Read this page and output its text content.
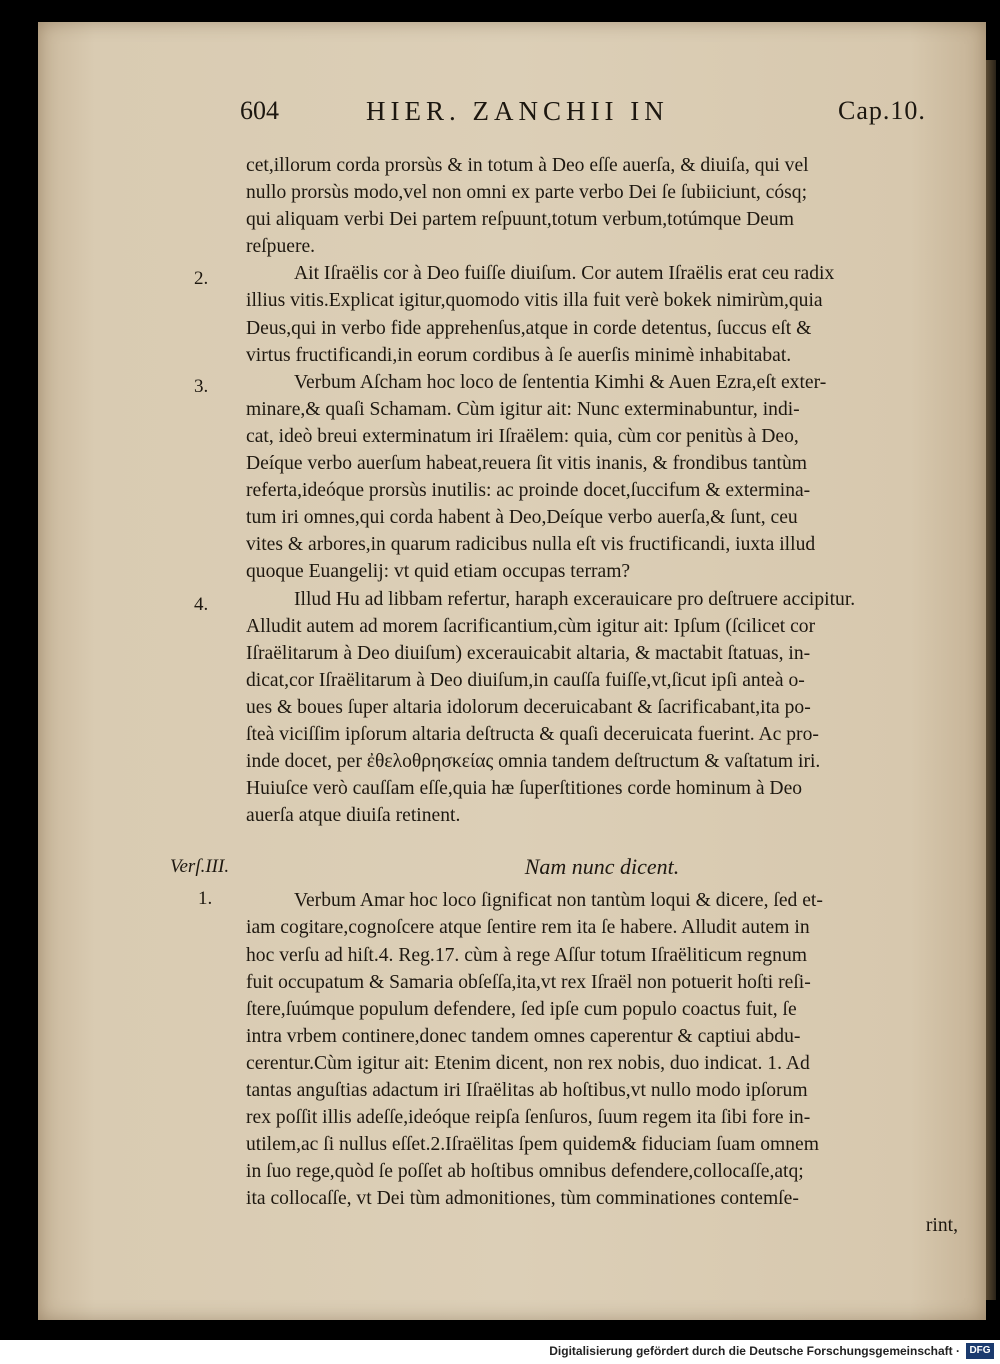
604	HIER. ZANCHII IN	Cap.10.
2.
3.
4.
Verſ.III.
1.
cet,illorum corda prorsùs & in totum à Deo eſſe auerſa, & diuiſa, qui vel
nullo prorsùs modo,vel non omni ex parte verbo Dei ſe ſubiiciunt, cósq;
qui aliquam verbi Dei partem reſpuunt,totum verbum,totúmque Deum
reſpuere.
Ait Iſraëlis cor à Deo fuiſſe diuiſum. Cor autem Iſraëlis erat ceu radix
illius vitis.Explicat igitur,quomodo vitis illa fuit verè bokek nimirùm,quia
Deus,qui in verbo fide apprehenſus,atque in corde detentus, ſuccus eſt &
virtus fructificandi,in eorum cordibus à ſe auerſis minimè inhabitabat.
Verbum Aſcham hoc loco de ſententia Kimhi & Auen Ezra,eſt exter-
minare,& quaſi Schamam. Cùm igitur ait: Nunc exterminabuntur, indi-
cat, ideò breui exterminatum iri Iſraëlem: quia, cùm cor penitùs à Deo,
Deíque verbo auerſum habeat,reuera ſit vitis inanis, & frondibus tantùm
referta,ideóque prorsùs inutilis: ac proinde docet,ſuccifum & extermina-
tum iri omnes,qui corda habent à Deo,Deíque verbo auerſa,& ſunt, ceu
vites & arbores,in quarum radicibus nulla eſt vis fructificandi, iuxta illud
quoque Euangelij: vt quid etiam occupas terram?
Illud Hu ad libbam refertur, haraph excerauicare pro deſtruere accipitur.
Alludit autem ad morem ſacrificantium,cùm igitur ait: Ipſum (ſcilicet cor
Iſraëlitarum à Deo diuiſum) excerauicabit altaria, & mactabit ſtatuas, in-
dicat,cor Iſraëlitarum à Deo diuiſum,in cauſſa fuiſſe,vt,ſicut ipſi anteà o-
ues & boues ſuper altaria idolorum deceruicabant & ſacrificabant,ita po-
ſteà viciſſim ipſorum altaria deſtructa & quaſi deceruicata fuerint. Ac pro-
inde docet, per ἐθελοθρησκείας omnia tandem deſtructum & vaſtatum iri.
Huiuſce verò cauſſam eſſe,quia hæ ſuperſtitiones corde hominum à Deo
auerſa atque diuiſa retinent.
Nam nunc dicent.
Verbum Amar hoc loco ſignificat non tantùm loqui & dicere, ſed et-
iam cogitare,cognoſcere atque ſentire rem ita ſe habere. Alludit autem in
hoc verſu ad hiſt.4. Reg.17. cùm à rege Aſſur totum Iſraëliticum regnum
fuit occupatum & Samaria obſeſſa,ita,vt rex Iſraël non potuerit hoſti reſi-
ſtere,ſuúmque populum defendere, ſed ipſe cum populo coactus fuit, ſe
intra vrbem continere,donec tandem omnes caperentur & captiui abdu-
cerentur.Cùm igitur ait: Etenim dicent, non rex nobis, duo indicat. 1. Ad
tantas anguſtias adactum iri Iſraëlitas ab hoſtibus,vt nullo modo ipſorum
rex poſſit illis adeſſe,ideóque reipſa ſenſuros, ſuum regem ita ſibi fore in-
utilem,ac ſi nullus eſſet.2.Iſraëlitas ſpem quidem& fiduciam ſuam omnem
in ſuo rege,quòd ſe poſſet ab hoſtibus omnibus defendere,collocaſſe,atq;
ita collocaſſe, vt Dei tùm admonitiones, tùm comminationes contemſe-
rint,
Digitalisierung gefördert durch die Deutsche Forschungsgemeinschaft · DFG
